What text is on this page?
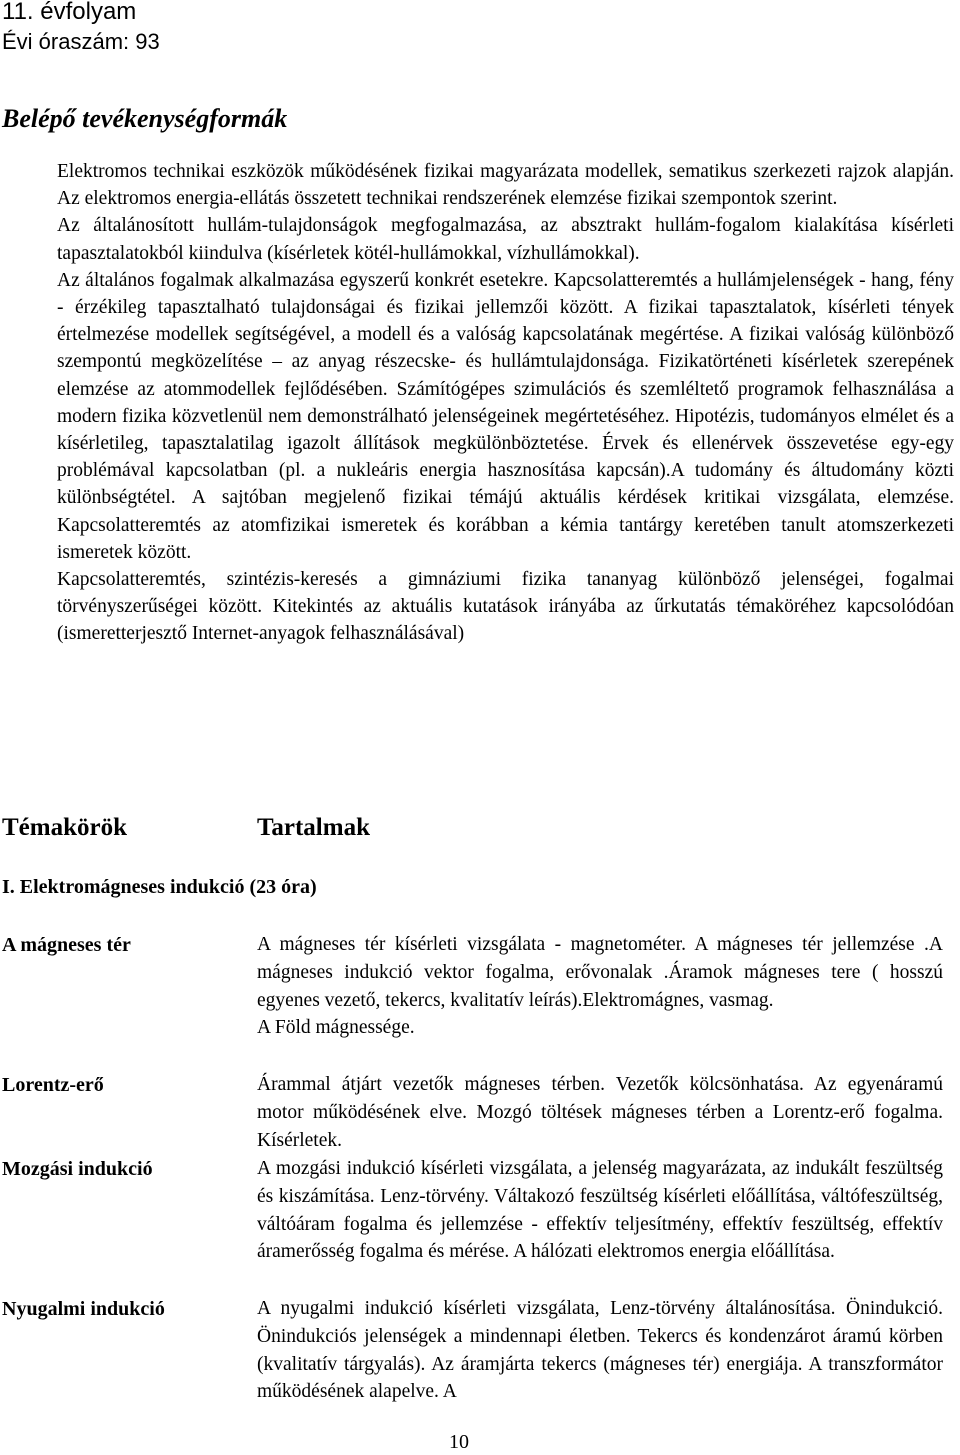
11. évfolyam
Évi óraszám: 93
Belépő tevékenységformák

Elektromos technikai eszközök működésének fizikai magyarázata modellek, sematikus szerkezeti rajzok alapján. Az elektromos energia-ellátás összetett technikai rendszerének elemzése fizikai szempontok szerint.

Az általánosított hullám-tulajdonságok megfogalmazása, az absztrakt hullám-fogalom kialakítása kísérleti tapasztalatokból kiindulva (kísérletek kötél-hullámokkal, vízhullámokkal).

Az általános fogalmak alkalmazása egyszerű konkrét esetekre. Kapcsolatteremtés a hullámjelenségek - hang, fény - érzékileg tapasztalható tulajdonságai és fizikai jellemzői között. A fizikai tapasztalatok, kísérleti tények értelmezése modellek segítségével, a modell és a valóság kapcsolatának megértése. A fizikai valóság különböző szempontú megközelítése – az anyag részecske- és hullámtulajdonsága. Fizikatörténeti kísérletek szerepének elemzése az atommodellek fejlődésében. Számítógépes szimulációs és szemléltető programok felhasználása a modern fizika közvetlenül nem demonstrálható jelenségeinek megértetéséhez. Hipotézis, tudományos elmélet és a kísérletileg, tapasztalatilag igazolt állítások megkülönböztetése. Érvek és ellenérvek összevetése egy-egy problémával kapcsolatban (pl. a nukleáris energia hasznosítása kapcsán).A tudomány és áltudomány közti különbségtétel. A sajtóban megjelenő fizikai témájú aktuális kérdések kritikai vizsgálata, elemzése. Kapcsolatteremtés az atomfizikai ismeretek és korábban a kémia tantárgy keretében tanult atomszerkezeti ismeretek között.

Kapcsolatteremtés, szintézis-keresés a gimnáziumi fizika tananyag különböző jelenségei, fogalmai törvényszerűségei között. Kitekintés az aktuális kutatások irányába az űrkutatás témaköréhez kapcsolódóan (ismeretterjesztő Internet-anyagok felhasználásával)

Témakörök	Tartalmak
I. Elektromágneses indukció (23 óra)
A mágneses tér	A mágneses tér kísérleti vizsgálata - magnetométer. A mágneses tér jellemzése .A mágneses indukció vektor fogalma, erővonalak .Áramok mágneses tere ( hosszú egyenes vezető, tekercs, kvalitatív leírás).Elektromágnes, vasmag.

A Föld mágnessége.

Lorentz-erő	Árammal átjárt vezetők mágneses térben. Vezetők kölcsönhatása. Az egyenáramú motor működésének elve. Mozgó töltések mágneses térben a Lorentz-erő fogalma. Kísérletek.

Mozgási indukció	A mozgási indukció kísérleti vizsgálata, a jelenség magyarázata, az indukált feszültség és kiszámítása. Lenz-törvény. Váltakozó feszültség kísérleti előállítása, váltófeszültség, váltóáram fogalma és jellemzése - effektív teljesítmény, effektív feszültség, effektív áramerősség fogalma és mérése. A hálózati elektromos energia előállítása.

Nyugalmi indukció	A nyugalmi indukció kísérleti vizsgálata, Lenz-törvény általánosítása. Önindukció. Önindukciós jelenségek a mindennapi életben. Tekercs és kondenzárot áramú körben (kvalitatív tárgyalás). Az áramjárta tekercs (mágneses tér) energiája. A transzformátor működésének alapelve. A

10
